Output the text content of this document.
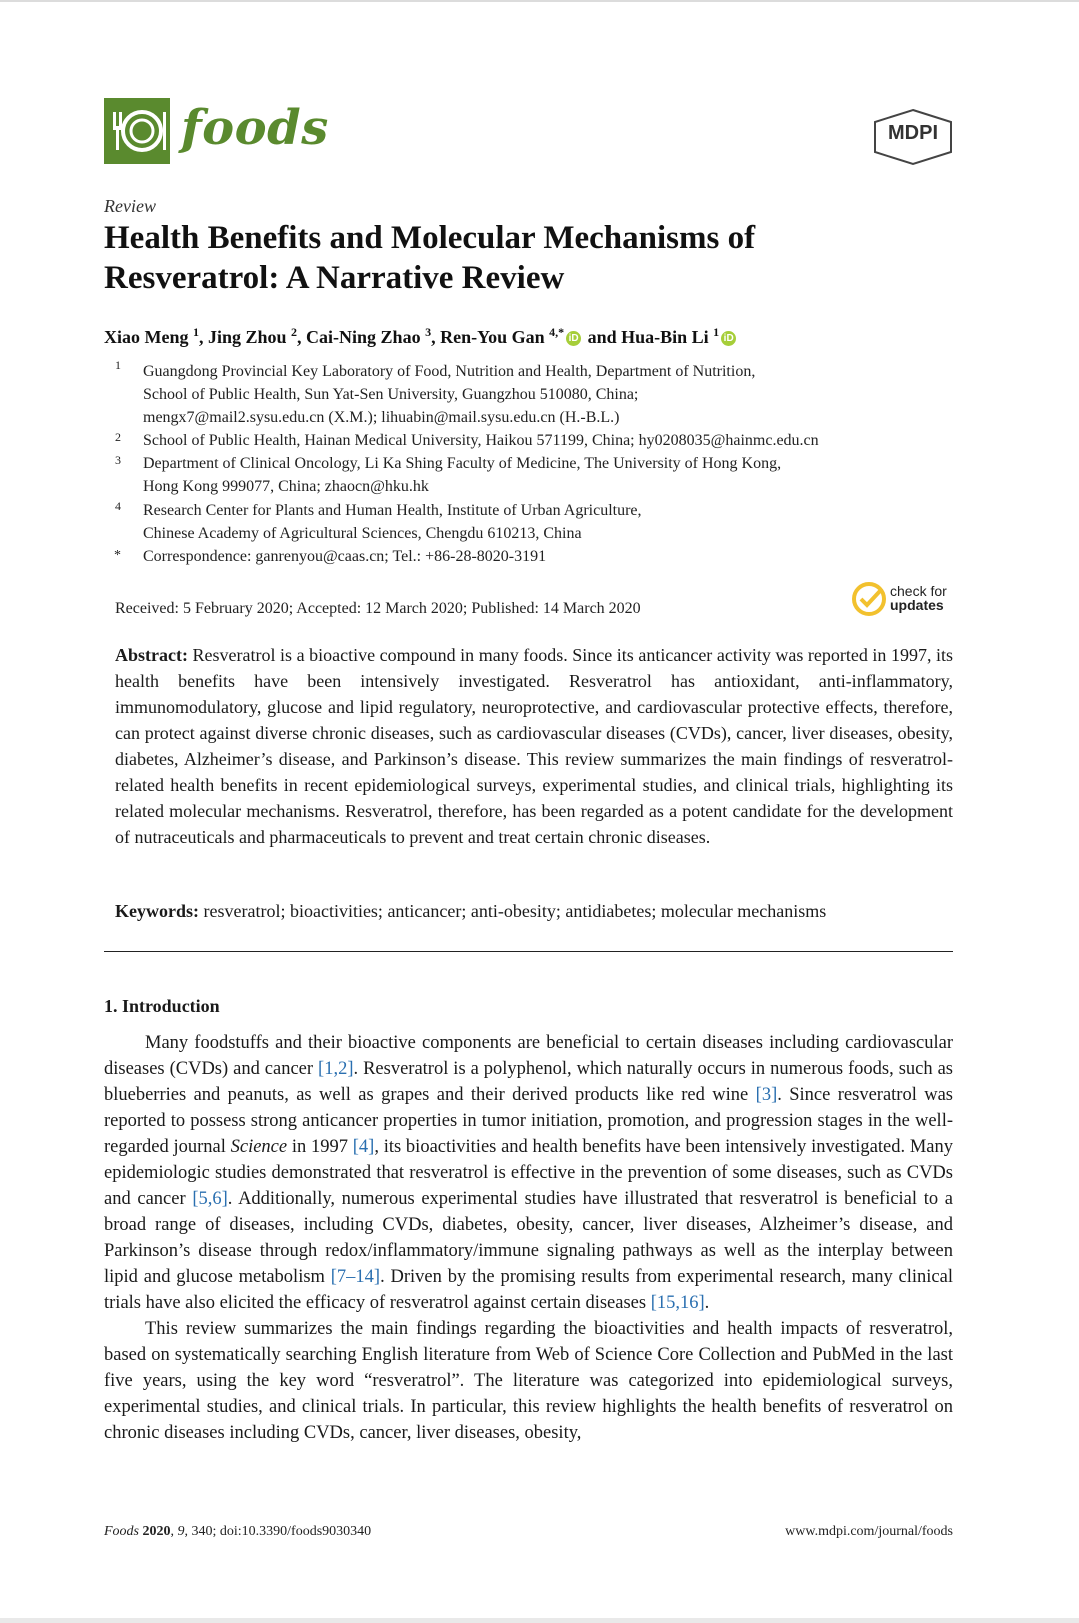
foods	MDPI
Review
Health Benefits and Molecular Mechanisms of
Resveratrol: A Narrative Review
Xiao Meng $^1$, Jing Zhou $^2$, Cai-Ning Zhao $^3$, Ren-You Gan $^{4,*}$ iD and Hua-Bin Li $^1$ iD
1 Guangdong Provincial Key Laboratory of Food, Nutrition and Health, Department of Nutrition,
School of Public Health, Sun Yat-Sen University, Guangzhou 510080, China;
mengx7@mail2.sysu.edu.cn (X.M.); lihuabin@mail.sysu.edu.cn (H.-B.L.)
2 School of Public Health, Hainan Medical University, Haikou 571199, China; hy0208035@hainmc.edu.cn
3 Department of Clinical Oncology, Li Ka Shing Faculty of Medicine, The University of Hong Kong,
Hong Kong 999077, China; zhaocn@hku.hk
4 Research Center for Plants and Human Health, Institute of Urban Agriculture,
Chinese Academy of Agricultural Sciences, Chengdu 610213, China
* Correspondence: ganrenyou@caas.cn; Tel.: +86-28-8020-3191
Received: 5 February 2020; Accepted: 12 March 2020; Published: 14 March 2020
check for
updates
Abstract: Resveratrol is a bioactive compound in many foods. Since its anticancer activity was reported in 1997, its health benefits have been intensively investigated. Resveratrol has antioxidant, anti-inflammatory, immunomodulatory, glucose and lipid regulatory, neuroprotective, and cardiovascular protective effects, therefore, can protect against diverse chronic diseases, such as cardiovascular diseases (CVDs), cancer, liver diseases, obesity, diabetes, Alzheimer’s disease, and Parkinson’s disease. This review summarizes the main findings of resveratrol-related health benefits in recent epidemiological surveys, experimental studies, and clinical trials, highlighting its related molecular mechanisms. Resveratrol, therefore, has been regarded as a potent candidate for the development of nutraceuticals and pharmaceuticals to prevent and treat certain chronic diseases.
Keywords: resveratrol; bioactivities; anticancer; anti-obesity; antidiabetes; molecular mechanisms
1. Introduction

Many foodstuffs and their bioactive components are beneficial to certain diseases including cardiovascular diseases (CVDs) and cancer [1,2]. Resveratrol is a polyphenol, which naturally occurs in numerous foods, such as blueberries and peanuts, as well as grapes and their derived products like red wine [3]. Since resveratrol was reported to possess strong anticancer properties in tumor initiation, promotion, and progression stages in the well-regarded journal Science in 1997 [4], its bioactivities and health benefits have been intensively investigated. Many epidemiologic studies demonstrated that resveratrol is effective in the prevention of some diseases, such as CVDs and cancer [5,6]. Additionally, numerous experimental studies have illustrated that resveratrol is beneficial to a broad range of diseases, including CVDs, diabetes, obesity, cancer, liver diseases, Alzheimer’s disease, and Parkinson’s disease through redox/inflammatory/immune signaling pathways as well as the interplay between lipid and glucose metabolism [7–14]. Driven by the promising results from experimental research, many clinical trials have also elicited the efficacy of resveratrol against certain diseases [15,16].

This review summarizes the main findings regarding the bioactivities and health impacts of resveratrol, based on systematically searching English literature from Web of Science Core Collection and PubMed in the last five years, using the key word “resveratrol”. The literature was categorized into epidemiological surveys, experimental studies, and clinical trials. In particular, this review highlights the health benefits of resveratrol on chronic diseases including CVDs, cancer, liver diseases, obesity,

Foods 2020, 9, 340; doi:10.3390/foods9030340	www.mdpi.com/journal/foods
